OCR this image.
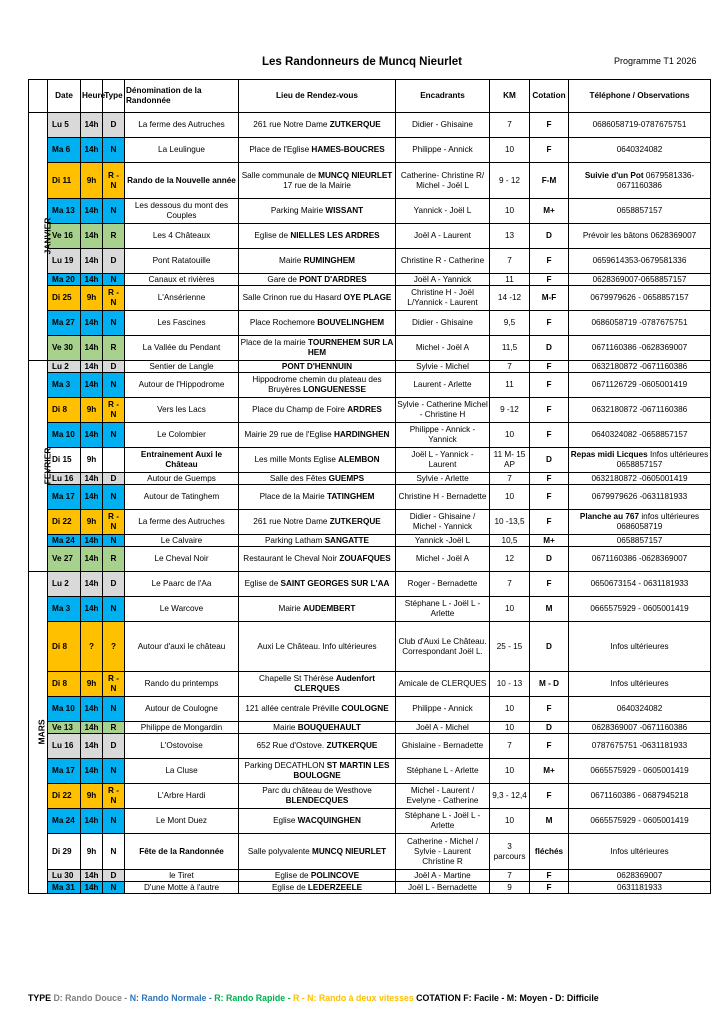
Les Randonneurs de Muncq Nieurlet	Programme T1 2026
	Date	Heure	Type	Dénomination de la Randonnée	Lieu de Rendez-vous	Encadrants	KM	Cotation	Téléphone / Observations
JANVIER	Lu 5	14h	D	La ferme des Autruches	261 rue Notre Dame ZUTKERQUE	Didier - Ghisaine	7	F	0686058719-0787675751
	Ma 6	14h	N	La Leulingue	Place de l'Eglise HAMES-BOUCRES	Philippe - Annick	10	F	0640324082
	Di 11	9h	R - N	Rando de la Nouvelle année	Salle communale de MUNCQ NIEURLET
17 rue de la Mairie	Catherine- Christine R/ Michel - Joël L	9 - 12	F-M	Suivie d'un Pot 0679581336-0671160386
	Ma 13	14h	N	Les dessous du mont des Couples	Parking Mairie WISSANT	Yannick - Joël L	10	M+	0658857157
	Ve 16	14h	R	Les 4 Châteaux	Eglise de NIELLES LES ARDRES	Joël A - Laurent	13	D	Prévoir les bâtons 0628369007
	Lu 19	14h	D	Pont Ratatouille	Mairie RUMINGHEM	Christine R - Catherine	7	F	0659614353-0679581336
	Ma 20	14h	N	Canaux et rivières	Gare de PONT D'ARDRES	Joël A - Yannick	11	F	0628369007-0658857157
	Di 25	9h	R - N	L'Ansérienne	Salle Crinon rue du Hasard OYE PLAGE	Christine H - Joël L/Yannick - Laurent	14 -12	M-F	0679979626 - 0658857157
	Ma 27	14h	N	Les Fascines	Place Rochemore BOUVELINGHEM	Didier - Ghisaine	9,5	F	0686058719 -0787675751
	Ve 30	14h	R	La Vallée du Pendant	Place de la mairie TOURNEHEM SUR LA HEM	Michel - Joël A	11,5	D	0671160386 -0628369007
FEVRIER	Lu 2	14h	D	Sentier de Langle	PONT D'HENNUIN	Sylvie - Michel	7	F	0632180872 -0671160386
	Ma 3	14h	N	Autour de l'Hippodrome	Hippodrome chemin du plateau des Bruyères LONGUENESSE	Laurent - Arlette	11	F	0671126729 -0605001419
	Di 8	9h	R - N	Vers les Lacs	Place du Champ de Foire ARDRES	Sylvie - Catherine Michel - Christine H	9 -12	F	0632180872 -0671160386
	Ma 10	14h	N	Le Colombier	Mairie 29 rue de l'Eglise HARDINGHEN	Philippe - Annick - Yannick	10	F	0640324082 -0658857157
	Di 15	9h		Entrainement Auxi le Château	Les mille Monts Eglise ALEMBON	Joël L - Yannick - Laurent	11 M- 15 AP	D	Repas midi Licques Infos ultérieures 0658857157
	Lu 16	14h	D	Autour de Guemps	Salle des Fêtes GUEMPS	Sylvie - Arlette	7	F	0632180872 -0605001419
	Ma 17	14h	N	Autour de Tatinghem	Place de la Mairie TATINGHEM	Christine H - Bernadette	10	F	0679979626 -0631181933
	Di 22	9h	R - N	La ferme des Autruches	261 rue Notre Dame ZUTKERQUE	Didier - Ghisaine / Michel - Yannick	10 -13,5	F	Planche au 767 infos ultérieures 0686058719
	Ma 24	14h	N	Le Calvaire	Parking Latham SANGATTE	Yannick -Joël L	10,5	M+	0658857157
	Ve 27	14h	R	Le Cheval Noir	Restaurant le Cheval Noir ZOUAFQUES	Michel - Joël A	12	D	0671160386 -0628369007
MARS	Lu 2	14h	D	Le Paarc de l'Aa	Eglise de SAINT GEORGES SUR L'AA	Roger - Bernadette	7	F	0650673154 - 0631181933
	Ma 3	14h	N	Le Warcove	Mairie AUDEMBERT	Stéphane L - Joël L - Arlette	10	M	0665575929 - 0605001419
	Di 8	?	?	Autour d'auxi le château	Auxi Le Château. Info ultérieures	Club d'Auxi Le Château. Correspondant Joël L.	25 - 15	D	Infos ultérieures
	Di 8	9h	R - N	Rando du printemps	Chapelle St Thérèse Audenfort CLERQUES	Amicale de CLERQUES	10 - 13	M - D	Infos ultérieures
	Ma 10	14h	N	Autour de Coulogne	121 allée centrale Préville COULOGNE	Philippe - Annick	10	F	0640324082
	Ve 13	14h	R	Philippe de Mongardin	Mairie BOUQUEHAULT	Joël A - Michel	10	D	0628369007 -0671160386
	Lu 16	14h	D	L'Ostovoise	652 Rue d'Ostove. ZUTKERQUE	Ghislaine - Bernadette	7	F	0787675751 -0631181933
	Ma 17	14h	N	La Cluse	Parking DECATHLON ST MARTIN LES BOULOGNE	Stéphane L - Arlette	10	M+	0665575929 - 0605001419
	Di 22	9h	R - N	L'Arbre Hardi	Parc du château de Westhove BLENDECQUES	Michel - Laurent / Evelyne - Catherine	9,3 - 12,4	F	0671160386 - 0687945218
	Ma 24	14h	N	Le Mont Duez	Eglise WACQUINGHEN	Stéphane L - Joël L - Arlette	10	M	0665575929 - 0605001419
	Di 29	9h	N	Fête de la Randonnée	Salle polyvalente MUNCQ NIEURLET	Catherine - Michel / Sylvie - Laurent Christine R	3 parcours	fléchés	Infos ultérieures
	Lu 30	14h	D	le Tiret	Eglise de POLINCOVE	Joël A - Martine	7	F	0628369007
	Ma 31	14h	N	D'une Motte à l'autre	Eglise de LEDERZEELE	Joël L - Bernadette	9	F	0631181933
TYPE D: Rando Douce - N: Rando Normale - R: Rando Rapide - R - N: Rando à deux vitesses COTATION F: Facile - M: Moyen - D: Difficile
